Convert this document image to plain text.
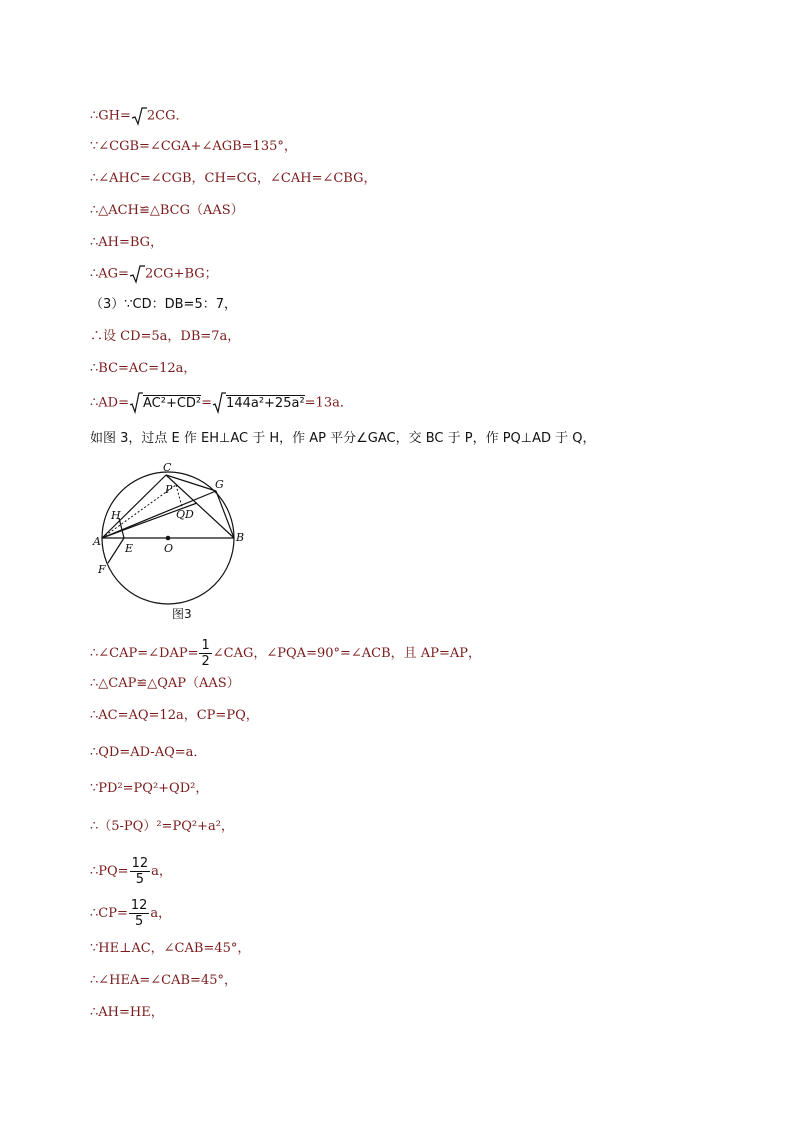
∴GH= 2CG．
∵∠CGB=∠CGA+∠AGB=135°，
∴∠AHC=∠CGB，CH=CG，∠CAH=∠CBG，
∴△ACH≌△BCG（AAS）
∴AH=BG，
∴AG= 2CG+BG；
（3）∵CD：DB=5：7，
∴设 CD=5a，DB=7a，
∴BC=AC=12a，
∴AD= AC²+CD²= 144a²+25a²=13a．
如图 3，过点 E 作 EH⊥AC 于 H，作 AP 平分∠GAC，交 BC 于 P，作 PQ⊥AD 于 Q，
C
P	G
H	QD
A
E	O
B
F
图3
∴∠CAP=∠DAP= $\frac{1}{2}$ ∠CAG，∠PQA=90°=∠ACB，且 AP=AP，
∴△CAP≌△QAP（AAS）
∴AC=AQ=12a，CP=PQ，
∴QD=AD-AQ=a．
∵PD²=PQ²+QD²，
∴（5-PQ）²=PQ²+a²，
∴PQ= $\frac{12}{5}$ a，
∴CP= $\frac{12}{5}$ a，
∵HE⊥AC，∠CAB=45°，
∴∠HEA=∠CAB=45°，
∴AH=HE，
